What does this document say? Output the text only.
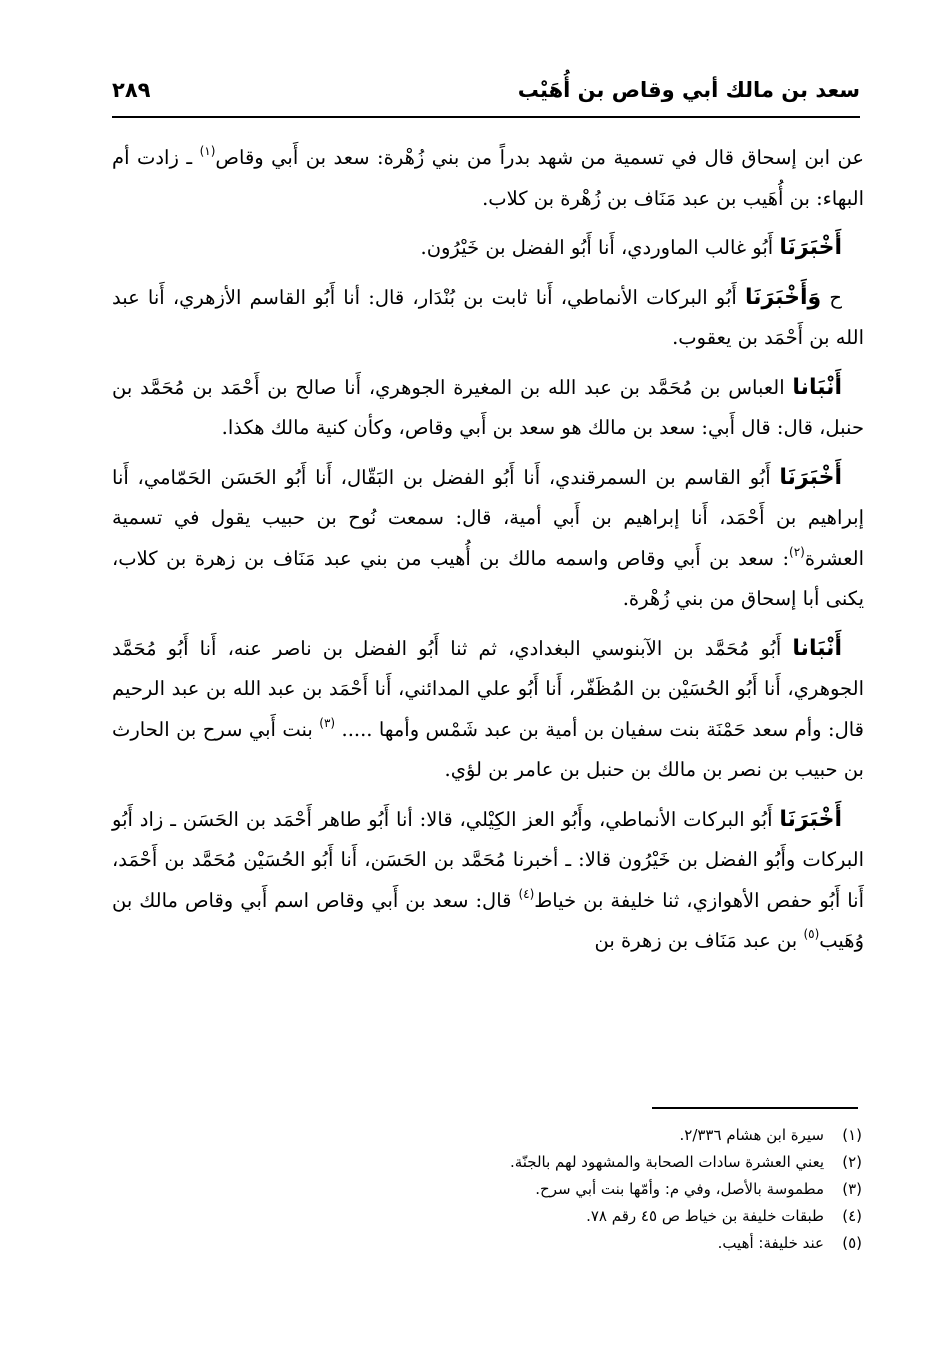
سعد بن مالك أبي وقاص بن أُهَيْب
٢٨٩

عن ابن إسحاق قال في تسمية من شهد بدراً من بني زُهْرة: سعد بن أَبي وقاص$^{(١)}$ ـ زادت أم البهاء: بن أُهَيب بن عبد مَنَاف بن زُهْرة بن كلاب.

أَخْبَرَنَا أَبُو غالب الماوردي، أَنا أَبُو الفضل بن خَيْرُون.

ح وَأَخْبَرَنَا أَبُو البركات الأنماطي، أَنا ثابت بن بُنْدَار، قال: أنا أَبُو القاسم الأزهري، أَنا عبد الله بن أَحْمَد بن يعقوب.

أَنْبَانا العباس بن مُحَمَّد بن عبد الله بن المغيرة الجوهري، أَنا صالح بن أَحْمَد بن مُحَمَّد بن حنبل، قال: قال أَبي: سعد بن مالك هو سعد بن أَبي وقاص، وكأن كنية مالك هكذا.

أَخْبَرَنَا أَبُو القاسم بن السمرقندي، أَنا أَبُو الفضل بن البَقّال، أَنا أَبُو الحَسَن الحَمّامي، أَنا إبراهيم بن أَحْمَد، أَنا إبراهيم بن أَبي أمية، قال: سمعت نُوح بن حبيب يقول في تسمية العشرة$^{(٢)}$: سعد بن أَبي وقاص واسمه مالك بن أُهيب من بني عبد مَنَاف بن زهرة بن كلاب، يكنى أبا إسحاق من بني زُهْرة.

أَنْبَانا أَبُو مُحَمَّد بن الآبنوسي البغدادي، ثم ثنا أَبُو الفضل بن ناصر عنه، أَنا أَبُو مُحَمَّد الجوهري، أَنا أَبُو الحُسَيْن بن المُظَفّر، أَنا أَبُو علي المدائني، أَنا أَحْمَد بن عبد الله بن عبد الرحيم قال: وأم سعد حَمْنَة بنت سفيان بن أمية بن عبد شَمْس وأمها ..... $^{(٣)}$ بنت أَبي سرح بن الحارث بن حبيب بن نصر بن مالك بن حنبل بن عامر بن لؤي.

أَخْبَرَنَا أَبُو البركات الأنماطي، وأَبُو العز الكِيْلي، قالا: أنا أَبُو طاهر أَحْمَد بن الحَسَن ـ زاد أَبُو البركات وأَبُو الفضل بن خَيْرُون قالا: ـ أخبرنا مُحَمَّد بن الحَسَن، أَنا أَبُو الحُسَيْن مُحَمَّد بن أَحْمَد، أَنا أَبُو حفص الأهوازي، ثنا خليفة بن خياط$^{(٤)}$ قال: سعد بن أَبي وقاص اسم أَبي وقاص مالك بن وُهَيب$^{(٥)}$ بن عبد مَنَاف بن زهرة بن

(١)
سيرة ابن هشام ٢/٣٣٦.
(٢)
يعني العشرة سادات الصحابة والمشهود لهم بالجنّة.
(٣)
مطموسة بالأصل، وفي م: وأمّها بنت أبي سرح.
(٤)
طبقات خليفة بن خياط ص ٤٥ رقم ٧٨.
(٥)
عند خليفة: أهيب.
